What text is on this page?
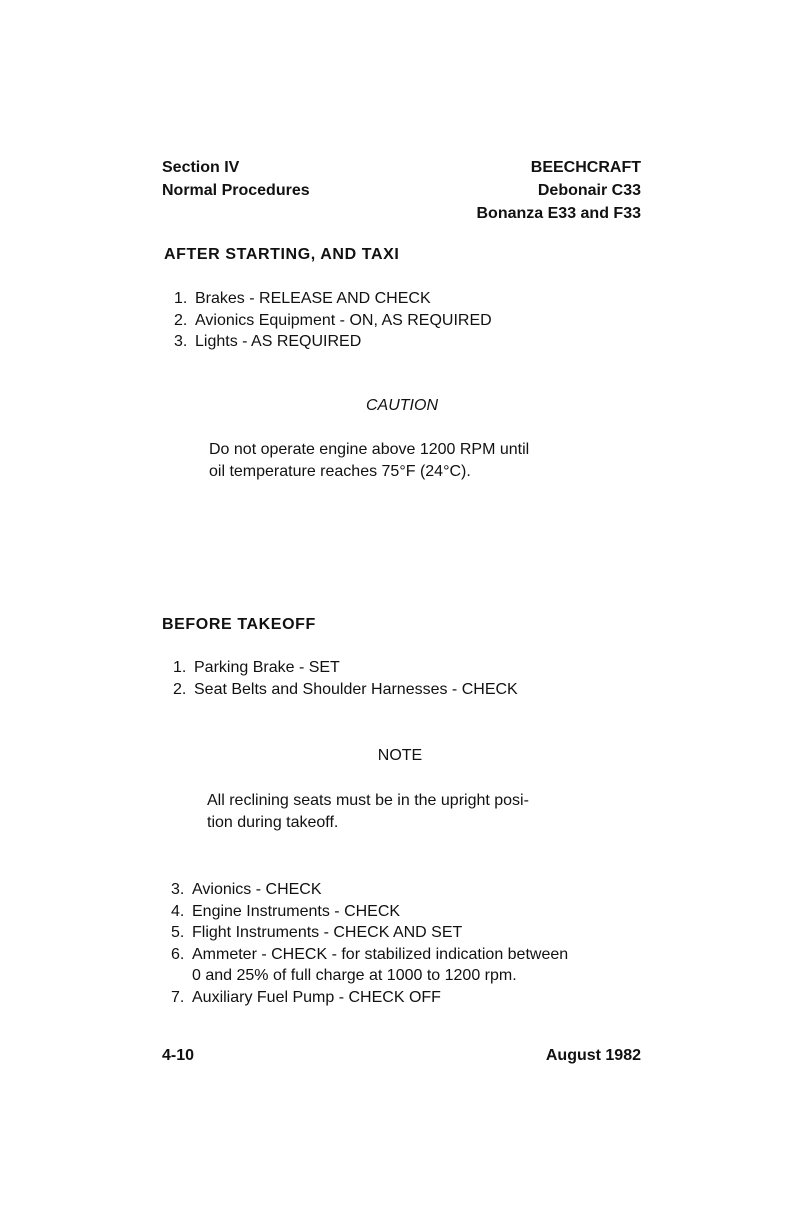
Section IV
Normal Procedures
BEECHCRAFT
Debonair C33
Bonanza E33 and F33
AFTER STARTING, AND TAXI
1. Brakes - RELEASE AND CHECK
2. Avionics Equipment - ON, AS REQUIRED
3. Lights - AS REQUIRED
CAUTION
Do not operate engine above 1200 RPM until
oil temperature reaches 75°F (24°C).
BEFORE TAKEOFF
1. Parking Brake - SET
2. Seat Belts and Shoulder Harnesses - CHECK
NOTE
All reclining seats must be in the upright posi-
tion during takeoff.
3. Avionics - CHECK
4. Engine Instruments - CHECK
5. Flight Instruments - CHECK AND SET
6. Ammeter - CHECK - for stabilized indication between
0 and 25% of full charge at 1000 to 1200 rpm.
7. Auxiliary Fuel Pump - CHECK OFF
4-10	August 1982
